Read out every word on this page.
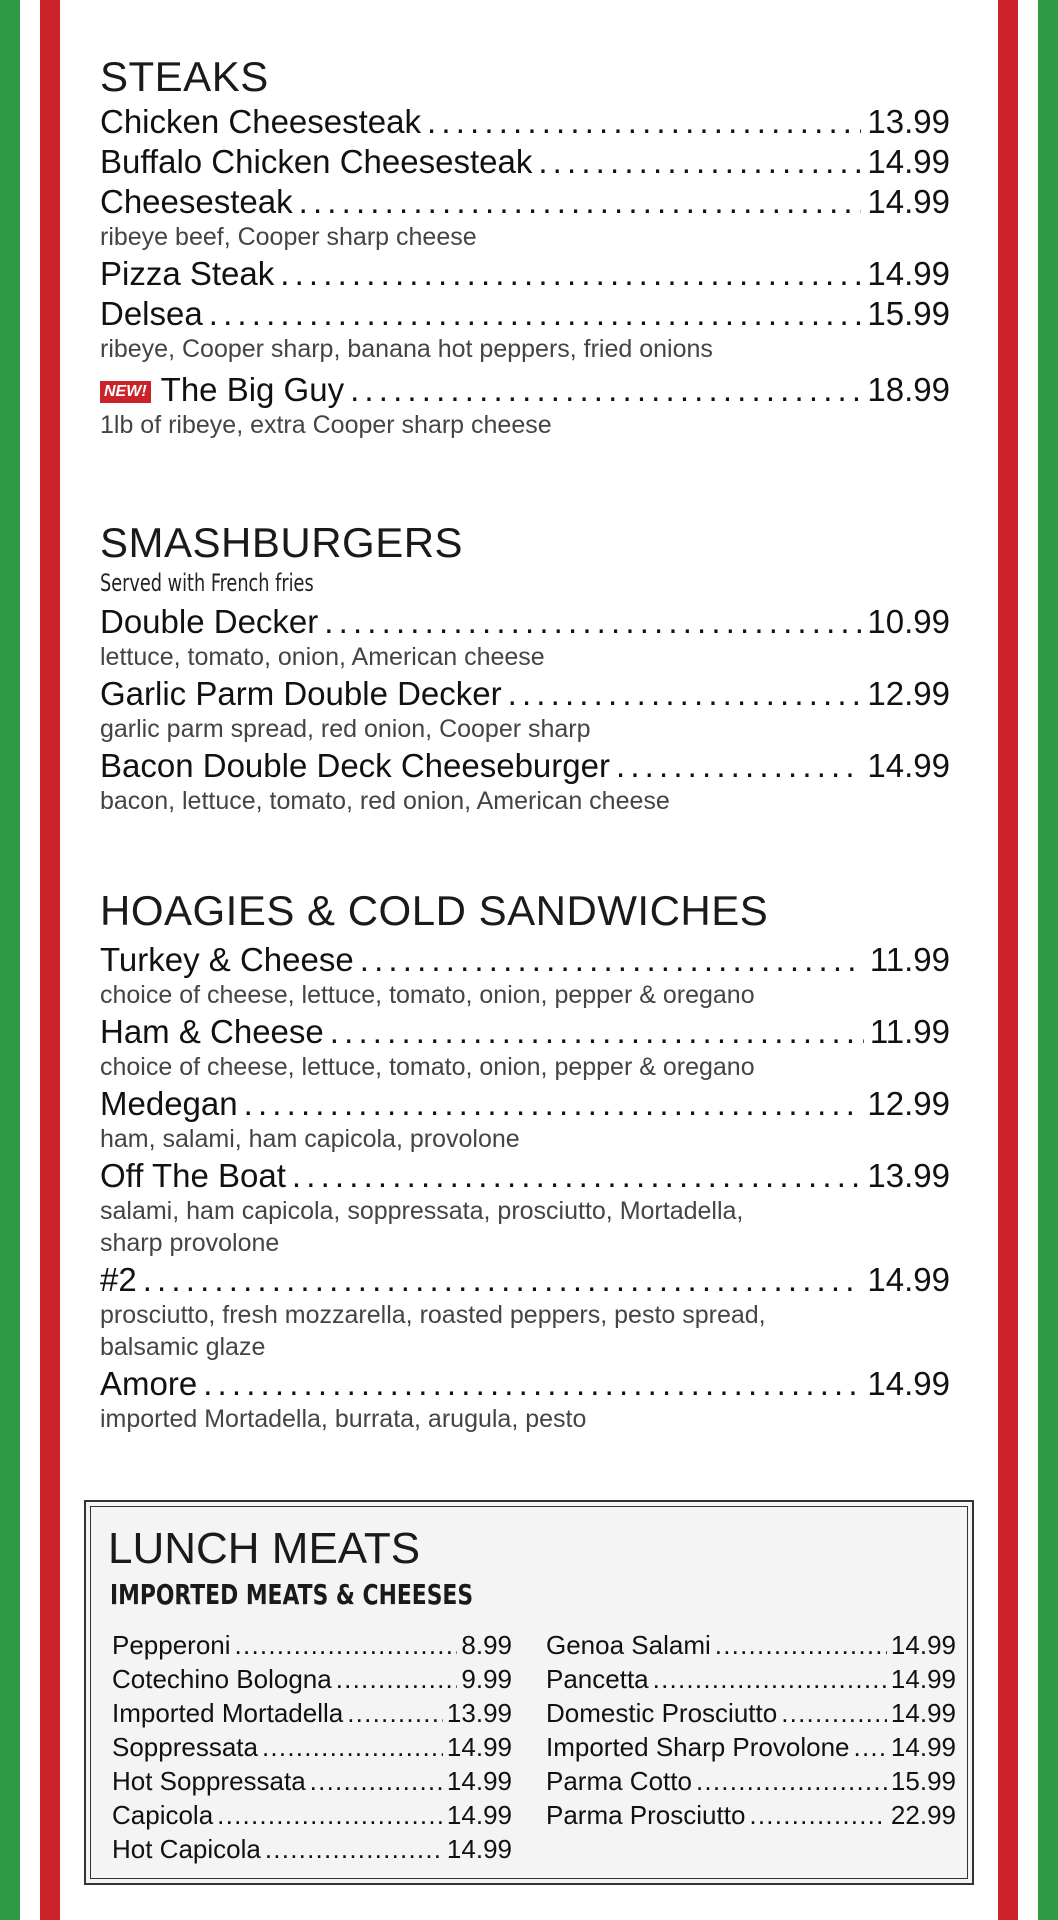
STEAKS
Chicken Cheesesteak . . .	13.99
Buffalo Chicken Cheesesteak . . .	14.99
Cheesesteak . . .	14.99
ribeye beef, Cooper sharp cheese
Pizza Steak . . .	14.99
Delsea . . .	15.99
ribeye, Cooper sharp, banana hot peppers, fried onions
NEW! The Big Guy . . .	18.99
1lb of ribeye, extra Cooper sharp cheese
SMASHBURGERS
Served with French fries
Double Decker . . .	10.99
lettuce, tomato, onion, American cheese
Garlic Parm Double Decker . . .	12.99
garlic parm spread, red onion, Cooper sharp
Bacon Double Deck Cheeseburger . . .	14.99
bacon, lettuce, tomato, red onion, American cheese
HOAGIES & COLD SANDWICHES
Turkey & Cheese . . .	11.99
choice of cheese, lettuce, tomato, onion, pepper & oregano
Ham & Cheese . . .	11.99
choice of cheese, lettuce, tomato, onion, pepper & oregano
Medegan . . .	12.99
ham, salami, ham capicola, provolone
Off The Boat . . .	13.99
salami, ham capicola, soppressata, prosciutto, Mortadella,
sharp provolone
#2 . . .	14.99
prosciutto, fresh mozzarella, roasted peppers, pesto spread,
balsamic glaze
Amore . . .	14.99
imported Mortadella, burrata, arugula, pesto
LUNCH MEATS
IMPORTED MEATS & CHEESES
Pepperoni . . .	8.99
Cotechino Bologna . . .	9.99
Imported Mortadella . . .	13.99
Soppressata . . .	14.99
Hot Soppressata . . .	14.99
Capicola . . .	14.99
Hot Capicola . . .	14.99
Genoa Salami . . .	14.99
Pancetta . . .	14.99
Domestic Prosciutto . . .	14.99
Imported Sharp Provolone . . . 14.99
Parma Cotto . . .	15.99
Parma Prosciutto . . .	22.99
